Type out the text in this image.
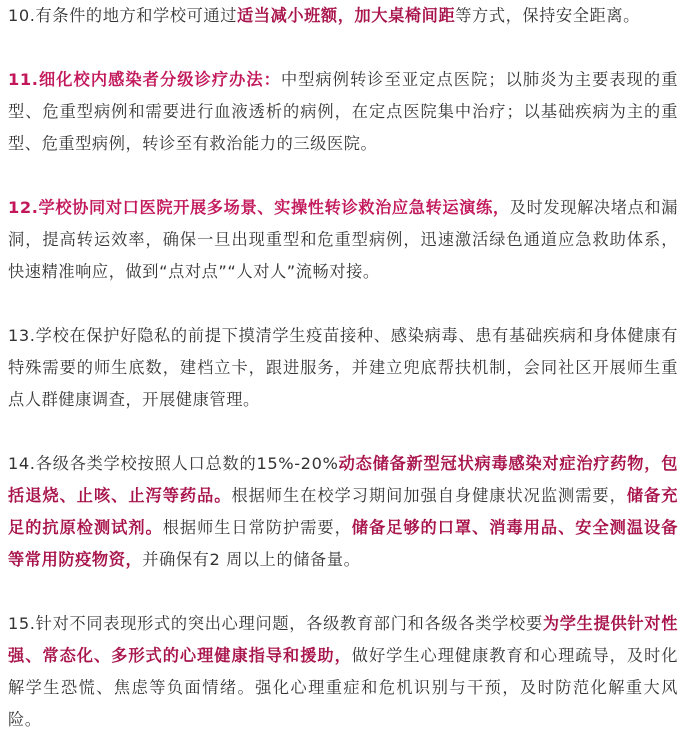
10.有条件的地方和学校可通过适当减小班额，加大桌椅间距等方式，保持安全距离。

11.细化校内感染者分级诊疗办法：中型病例转诊至亚定点医院；以肺炎为主要表现的重型、危重型病例和需要进行血液透析的病例，在定点医院集中治疗；以基础疾病为主的重型、危重型病例，转诊至有救治能力的三级医院。

12.学校协同对口医院开展多场景、实操性转诊救治应急转运演练，及时发现解决堵点和漏洞，提高转运效率，确保一旦出现重型和危重型病例，迅速激活绿色通道应急救助体系，快速精准响应，做到“点对点”“人对人”流畅对接。

13.学校在保护好隐私的前提下摸清学生疫苗接种、感染病毒、患有基础疾病和身体健康有特殊需要的师生底数，建档立卡，跟进服务，并建立兜底帮扶机制，会同社区开展师生重点人群健康调查，开展健康管理。

14.各级各类学校按照人口总数的15%-20%动态储备新型冠状病毒感染对症治疗药物，包括退烧、止咳、止泻等药品。根据师生在校学习期间加强自身健康状况监测需要，储备充足的抗原检测试剂。根据师生日常防护需要，储备足够的口罩、消毒用品、安全测温设备等常用防疫物资，并确保有2 周以上的储备量。

15.针对不同表现形式的突出心理问题，各级教育部门和各级各类学校要为学生提供针对性强、常态化、多形式的心理健康指导和援助，做好学生心理健康教育和心理疏导，及时化解学生恐慌、焦虑等负面情绪。强化心理重症和危机识别与干预，及时防范化解重大风险。
